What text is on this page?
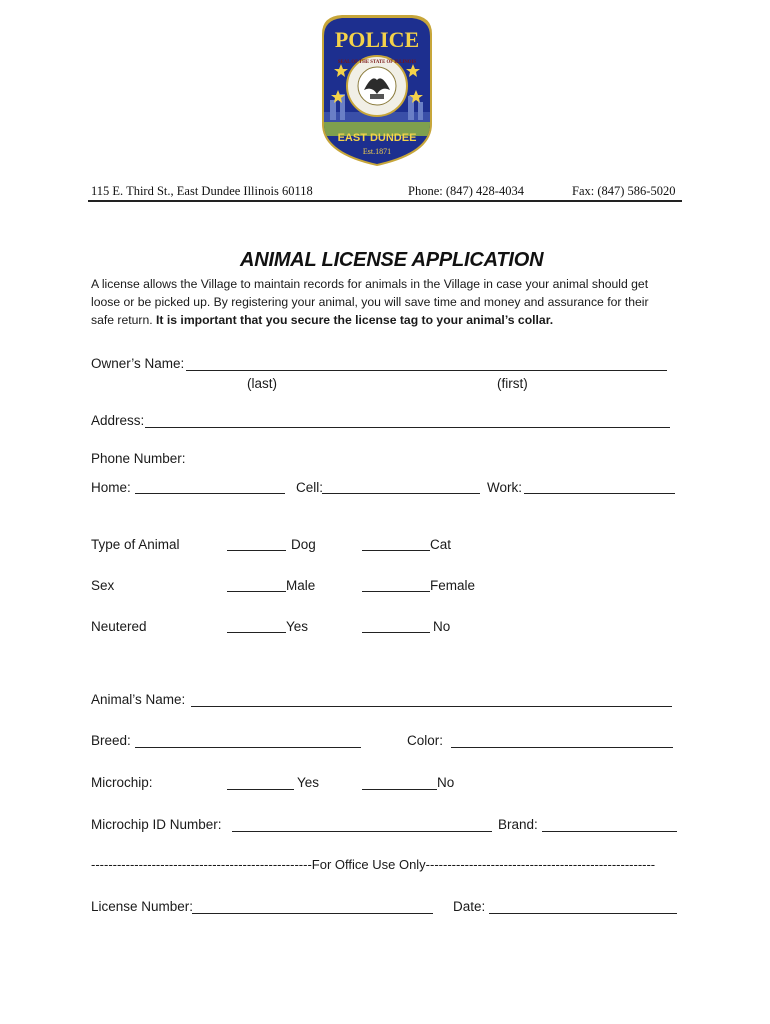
POLICE
SEAL OF THE STATE OF ILLINOIS
EAST DUNDEE
Est.1871
115 E. Third St., East Dundee Illinois 60118	Phone: (847) 428-4034	Fax: (847) 586-5020
ANIMAL LICENSE APPLICATION
A license allows the Village to maintain records for animals in the Village in case your animal should get
loose or be picked up. By registering your animal, you will save time and money and assurance for their
safe return. It is important that you secure the license tag to your animal’s collar.
Owner’s Name:
(last)	(first)
Address:
Phone Number:
Home:	Cell:	Work:
Type of Animal	Dog	Cat
Sex	Male	Female
Neutered	Yes	No
Animal’s Name:
Breed:	Color:
Microchip:	Yes	No
Microchip ID Number:	Brand:
---------------------------------------------------For Office Use Only-----------------------------------------------------
License Number:	Date:
